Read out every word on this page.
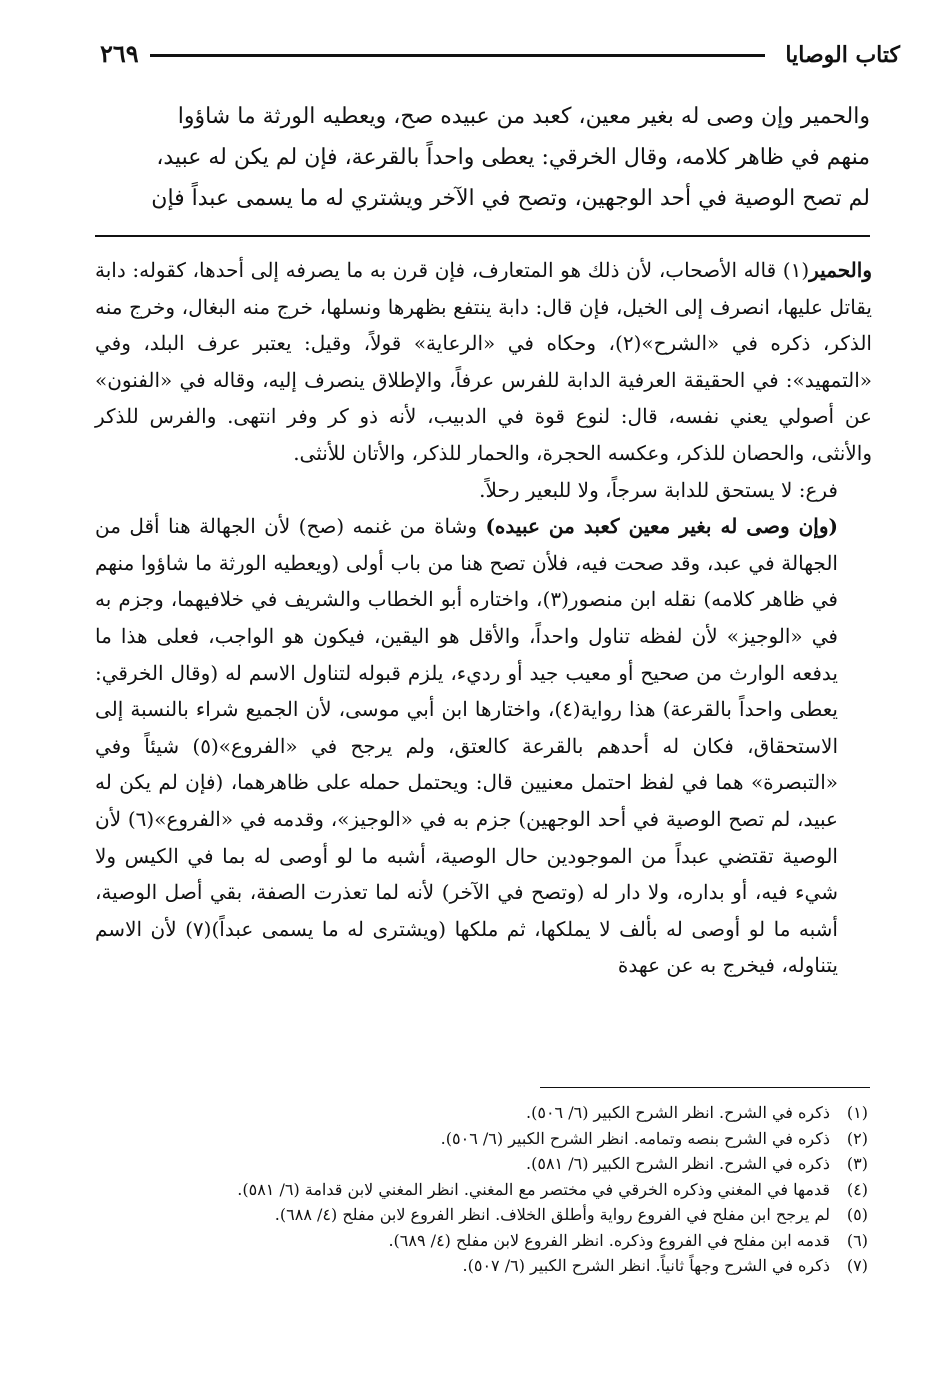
كتاب الوصايا
٢٦٩
والحمير وإن وصى له بغير معين، كعبد من عبيده صح، ويعطيه الورثة ما شاؤوا
منهم في ظاهر كلامه، وقال الخرقي: يعطى واحداً بالقرعة، فإن لم يكن له عبيد،
لم تصح الوصية في أحد الوجهين، وتصح في الآخر ويشتري له ما يسمى عبداً فإن

والحمير(١) قاله الأصحاب، لأن ذلك هو المتعارف، فإن قرن به ما يصرفه إلى أحدها، كقوله: دابة يقاتل عليها، انصرف إلى الخيل، فإن قال: دابة ينتفع بظهرها ونسلها، خرج منه البغال، وخرج منه الذكر، ذكره في «الشرح»(٢)، وحكاه في «الرعاية» قولاً، وقيل: يعتبر عرف البلد، وفي «التمهيد»: في الحقيقة العرفية الدابة للفرس عرفاً، والإطلاق ينصرف إليه، وقاله في «الفنون» عن أصولي يعني نفسه، قال: لنوع قوة في الدبيب، لأنه ذو كر وفر انتهى. والفرس للذكر والأنثى، والحصان للذكر، وعكسه الحجرة، والحمار للذكر، والأتان للأنثى.

فرع: لا يستحق للدابة سرجاً، ولا للبعير رحلاً.

(وإن وصى له بغير معين كعبد من عبيده) وشاة من غنمه (صح) لأن الجهالة هنا أقل من الجهالة في عبد، وقد صحت فيه، فلأن تصح هنا من باب أولى (ويعطيه الورثة ما شاؤوا منهم في ظاهر كلامه) نقله ابن منصور(٣)، واختاره أبو الخطاب والشريف في خلافيهما، وجزم به في «الوجيز» لأن لفظه تناول واحداً، والأقل هو اليقين، فيكون هو الواجب، فعلى هذا ما يدفعه الوارث من صحيح أو معيب جيد أو رديء، يلزم قبوله لتناول الاسم له (وقال الخرقي: يعطى واحداً بالقرعة) هذا رواية(٤)، واختارها ابن أبي موسى، لأن الجميع شراء بالنسبة إلى الاستحقاق، فكان له أحدهم بالقرعة كالعتق، ولم يرجح في «الفروع»(٥) شيئاً وفي «التبصرة» هما في لفظ احتمل معنيين قال: ويحتمل حمله على ظاهرهما، (فإن لم يكن له عبيد، لم تصح الوصية في أحد الوجهين) جزم به في «الوجيز»، وقدمه في «الفروع»(٦) لأن الوصية تقتضي عبداً من الموجودين حال الوصية، أشبه ما لو أوصى له بما في الكيس ولا شيء فيه، أو بداره، ولا دار له (وتصح في الآخر) لأنه لما تعذرت الصفة، بقي أصل الوصية، أشبه ما لو أوصى له بألف لا يملكها، ثم ملكها (ويشترى له ما يسمى عبداً)(٧) لأن الاسم يتناوله، فيخرج به عن عهدة

(١)ذكره في الشرح. انظر الشرح الكبير (٦/ ٥٠٦).
(٢)ذكره في الشرح بنصه وتمامه. انظر الشرح الكبير (٦/ ٥٠٦).
(٣)ذكره في الشرح. انظر الشرح الكبير (٦/ ٥٨١).
(٤)قدمها في المغني وذكره الخرقي في مختصر مع المغني. انظر المغني لابن قدامة (٦/ ٥٨١).
(٥)لم يرجح ابن مفلح في الفروع رواية وأطلق الخلاف. انظر الفروع لابن مفلح (٤/ ٦٨٨).
(٦)قدمه ابن مفلح في الفروع وذكره. انظر الفروع لابن مفلح (٤/ ٦٨٩).
(٧)ذكره في الشرح وجهاً ثانياً. انظر الشرح الكبير (٦/ ٥٠٧).
